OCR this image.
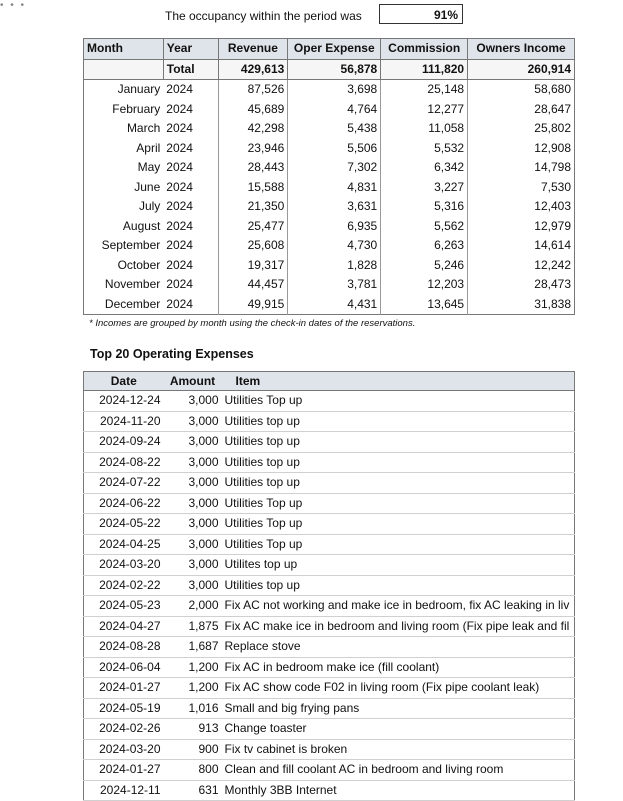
• • •
The occupancy within the period was	91%
Month	Year	Revenue	Oper Expense	Commission	Owners Income
	Total	429,613	56,878	111,820	260,914
January	2024	87,526	3,698	25,148	58,680
February	2024	45,689	4,764	12,277	28,647
March	2024	42,298	5,438	11,058	25,802
April	2024	23,946	5,506	5,532	12,908
May	2024	28,443	7,302	6,342	14,798
June	2024	15,588	4,831	3,227	7,530
July	2024	21,350	3,631	5,316	12,403
August	2024	25,477	6,935	5,562	12,979
September	2024	25,608	4,730	6,263	14,614
October	2024	19,317	1,828	5,246	12,242
November	2024	44,457	3,781	12,203	28,473
December	2024	49,915	4,431	13,645	31,838
* Incomes are grouped by month using the check-in dates of the reservations.
Top 20 Operating Expenses
Date	Amount	Item
2024-12-24	3,000	Utilities Top up
2024-11-20	3,000	Utilities top up
2024-09-24	3,000	Utilities top up
2024-08-22	3,000	Utilities top up
2024-07-22	3,000	Utilities top up
2024-06-22	3,000	Utilities Top up
2024-05-22	3,000	Utilities Top up
2024-04-25	3,000	Utilities Top up
2024-03-20	3,000	Utilites top up
2024-02-22	3,000	Utilities top up
2024-05-23	2,000	Fix AC not working and make ice in bedroom, fix AC leaking in liv
2024-04-27	1,875	Fix AC make ice in bedroom and living room (Fix pipe leak and fil
2024-08-28	1,687	Replace stove
2024-06-04	1,200	Fix AC in bedroom make ice (fill coolant)
2024-01-27	1,200	Fix AC show code F02 in living room (Fix pipe coolant leak)
2024-05-19	1,016	Small and big frying pans
2024-02-26	913	Change toaster
2024-03-20	900	Fix tv cabinet is broken
2024-01-27	800	Clean and fill coolant AC in bedroom and living room
2024-12-11	631	Monthly 3BB Internet
